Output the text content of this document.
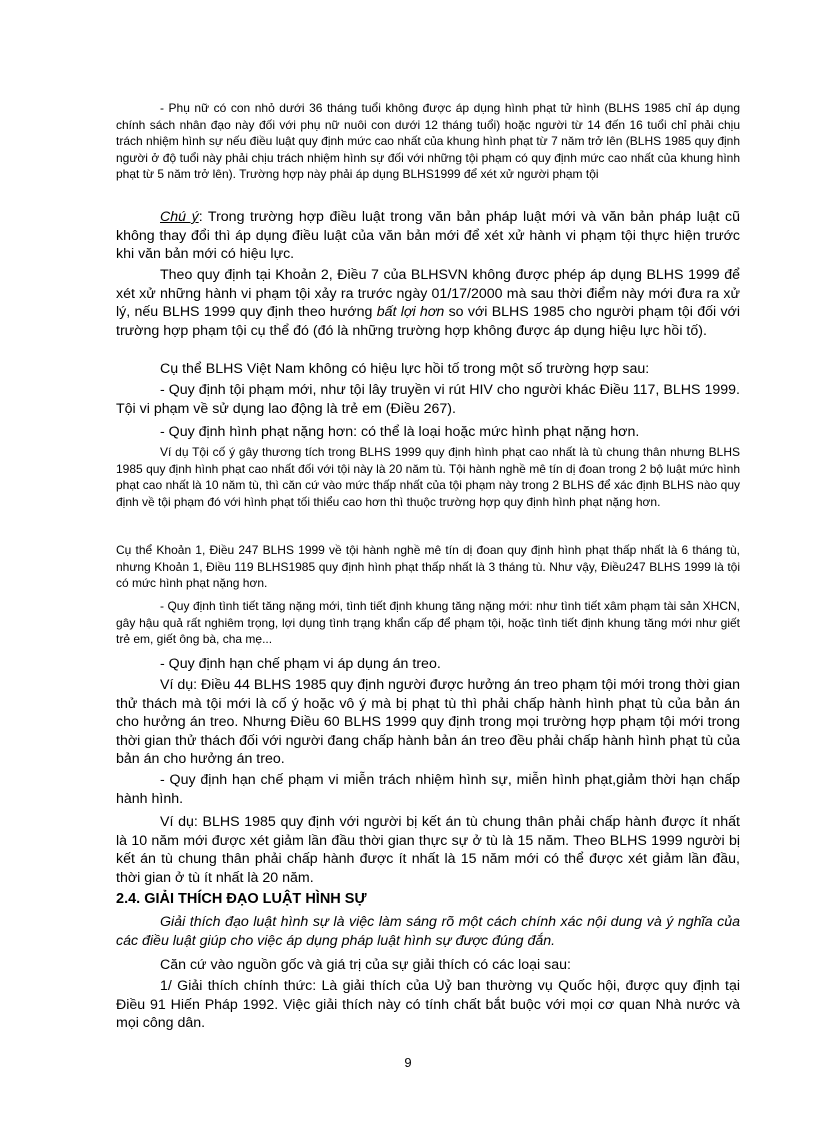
- Phụ nữ có con nhỏ dưới 36 tháng tuổi không được áp dụng hình phạt tử hình (BLHS 1985 chỉ áp dụng chính sách nhân đạo này đối với phụ nữ nuôi con dưới 12 tháng tuổi) hoặc người từ 14 đến 16 tuổi chỉ phải chịu trách nhiệm hình sự nếu điều luật quy định mức cao nhất của khung hình phạt từ 7 năm trở lên (BLHS 1985 quy định người ở độ tuổi này phải chịu trách nhiệm hình sự đối với những tội phạm có quy định mức cao nhất của khung hình phạt từ 5 năm trở lên). Trường hợp này phải áp dụng BLHS1999 để xét xử người phạm tội

Chú ý: Trong trường hợp điều luật trong văn bản pháp luật mới và văn bản pháp luật cũ không thay đổi thì áp dụng điều luật của văn bản mới để xét xử hành vi phạm tội thực hiện trước khi văn bản mới có hiệu lực.

Theo quy định tại Khoản 2, Điều 7 của BLHSVN không được phép áp dụng BLHS 1999 để xét xử những hành vi phạm tội xảy ra trước ngày 01/17/2000 mà sau thời điểm này mới đưa ra xử lý, nếu BLHS 1999 quy định theo hướng bất lợi hơn so với BLHS 1985 cho người phạm tội đối với trường hợp phạm tội cụ thể đó (đó là những trường hợp không được áp dụng hiệu lực hồi tố).

Cụ thể BLHS Việt Nam không có hiệu lực hồi tố trong một số trường hợp sau:

- Quy định tội phạm mới, như tội lây truyền vi rút HIV cho người khác Điều 117, BLHS 1999. Tội vi phạm về sử dụng lao động là trẻ em (Điều 267).

- Quy định hình phạt nặng hơn: có thể là loại hoặc mức hình phạt nặng hơn.

Ví dụ Tội cố ý gây thương tích trong BLHS 1999 quy định hình phạt cao nhất là tù chung thân nhưng BLHS 1985 quy định hình phạt cao nhất đối với tội này là 20 năm tù. Tội hành nghề mê tín dị đoan trong 2 bộ luật mức hình phạt cao nhất là 10 năm tù, thì căn cứ vào mức thấp nhất của tội phạm này trong 2 BLHS để xác định BLHS nào quy định về tội phạm đó với hình phạt tối thiểu cao hơn thì thuộc trường hợp quy định hình phạt nặng hơn.

Cụ thể Khoản 1, Điều 247 BLHS 1999 về tội hành nghề mê tín dị đoan quy định hình phạt thấp nhất là 6 tháng tù, nhưng Khoản 1, Điều 119 BLHS1985 quy định hình phạt thấp nhất là 3 tháng tù. Như vậy, Điều247 BLHS 1999 là tội có mức hình phạt nặng hơn.

- Quy định tình tiết tăng nặng mới, tình tiết định khung tăng nặng mới: như tình tiết xâm phạm tài sản XHCN, gây hậu quả rất nghiêm trọng, lợi dụng tình trạng khẩn cấp để phạm tội, hoặc tình tiết định khung tăng mới như giết trẻ em, giết ông bà, cha mẹ...

- Quy định hạn chế phạm vi áp dụng án treo.

Ví dụ: Điều 44 BLHS 1985 quy định người được hưởng án treo phạm tội mới trong thời gian thử thách mà tội mới là cố ý hoặc vô ý mà bị phạt tù thì phải chấp hành hình phạt tù của bản án cho hưởng án treo. Nhưng Điều 60 BLHS 1999 quy định trong mọi trường hợp phạm tội mới trong thời gian thử thách đối với người đang chấp hành bản án treo đều phải chấp hành hình phạt tù của bản án cho hưởng án treo.

- Quy định hạn chế phạm vi miễn trách nhiệm hình sự, miễn hình phạt,giảm thời hạn chấp hành hình.

Ví dụ: BLHS 1985 quy định với người bị kết án tù chung thân phải chấp hành được ít nhất là 10 năm mới được xét giảm lần đầu thời gian thực sự ở tù là 15 năm. Theo BLHS 1999 người bị kết án tù chung thân phải chấp hành được ít nhất là 15 năm mới có thể được xét giảm lần đầu, thời gian ở tù ít nhất là 20 năm.

2.4. GIẢI THÍCH ĐẠO LUẬT HÌNH SỰ

Giải thích đạo luật hình sự là việc làm sáng rõ một cách chính xác nội dung và ý nghĩa của các điều luật giúp cho việc áp dụng pháp luật hình sự được đúng đắn.

Căn cứ vào nguồn gốc và giá trị của sự giải thích có các loại sau:

1/ Giải thích chính thức: Là giải thích của Uỷ ban thường vụ Quốc hội, được quy định tại Điều 91 Hiến Pháp 1992. Việc giải thích này có tính chất bắt buộc với mọi cơ quan Nhà nước và mọi công dân.

9
